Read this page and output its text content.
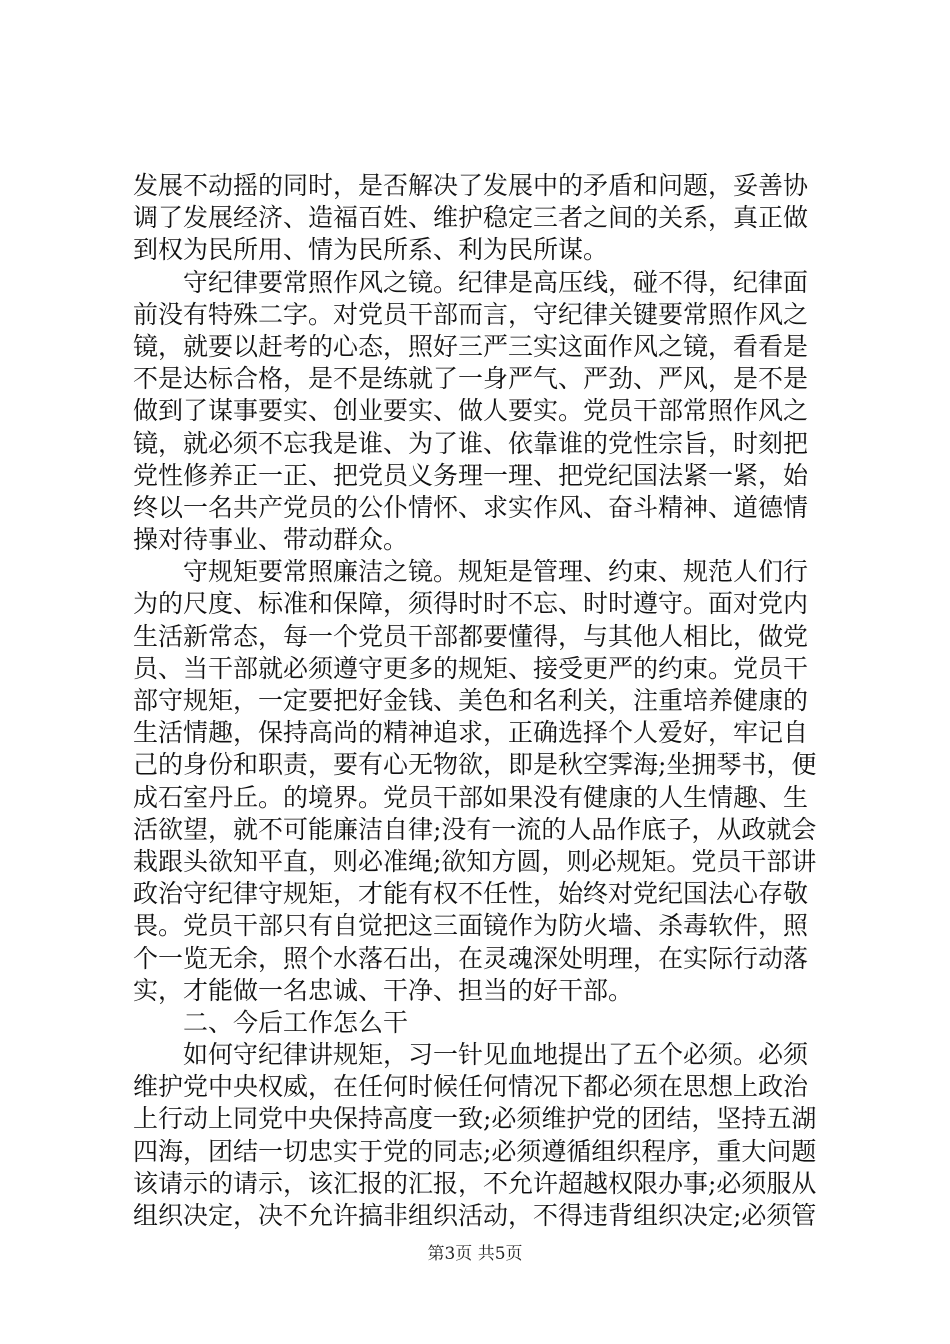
发展不动摇的同时，是否解决了发展中的矛盾和问题，妥善协
调了发展经济、造福百姓、维护稳定三者之间的关系，真正做
到权为民所用、情为民所系、利为民所谋。
　　守纪律要常照作风之镜。纪律是高压线，碰不得，纪律面
前没有特殊二字。对党员干部而言，守纪律关键要常照作风之
镜，就要以赶考的心态，照好三严三实这面作风之镜，看看是
不是达标合格，是不是练就了一身严气、严劲、严风，是不是
做到了谋事要实、创业要实、做人要实。党员干部常照作风之
镜，就必须不忘我是谁、为了谁、依靠谁的党性宗旨，时刻把
党性修养正一正、把党员义务理一理、把党纪国法紧一紧，始
终以一名共产党员的公仆情怀、求实作风、奋斗精神、道德情
操对待事业、带动群众。
　　守规矩要常照廉洁之镜。规矩是管理、约束、规范人们行
为的尺度、标准和保障，须得时时不忘、时时遵守。面对党内
生活新常态，每一个党员干部都要懂得，与其他人相比，做党
员、当干部就必须遵守更多的规矩、接受更严的约束。党员干
部守规矩，一定要把好金钱、美色和名利关，注重培养健康的
生活情趣，保持高尚的精神追求，正确选择个人爱好，牢记自
己的身份和职责，要有心无物欲，即是秋空霁海;坐拥琴书，便
成石室丹丘。的境界。党员干部如果没有健康的人生情趣、生
活欲望，就不可能廉洁自律;没有一流的人品作底子，从政就会
栽跟头欲知平直，则必准绳;欲知方圆，则必规矩。党员干部讲
政治守纪律守规矩，才能有权不任性，始终对党纪国法心存敬
畏。党员干部只有自觉把这三面镜作为防火墙、杀毒软件，照
个一览无余，照个水落石出，在灵魂深处明理，在实际行动落
实，才能做一名忠诚、干净、担当的好干部。
　　二、今后工作怎么干
　　如何守纪律讲规矩，习一针见血地提出了五个必须。必须
维护党中央权威，在任何时候任何情况下都必须在思想上政治
上行动上同党中央保持高度一致;必须维护党的团结，坚持五湖
四海，团结一切忠实于党的同志;必须遵循组织程序，重大问题
该请示的请示，该汇报的汇报，不允许超越权限办事;必须服从
组织决定，决不允许搞非组织活动，不得违背组织决定;必须管
第3页 共5页
